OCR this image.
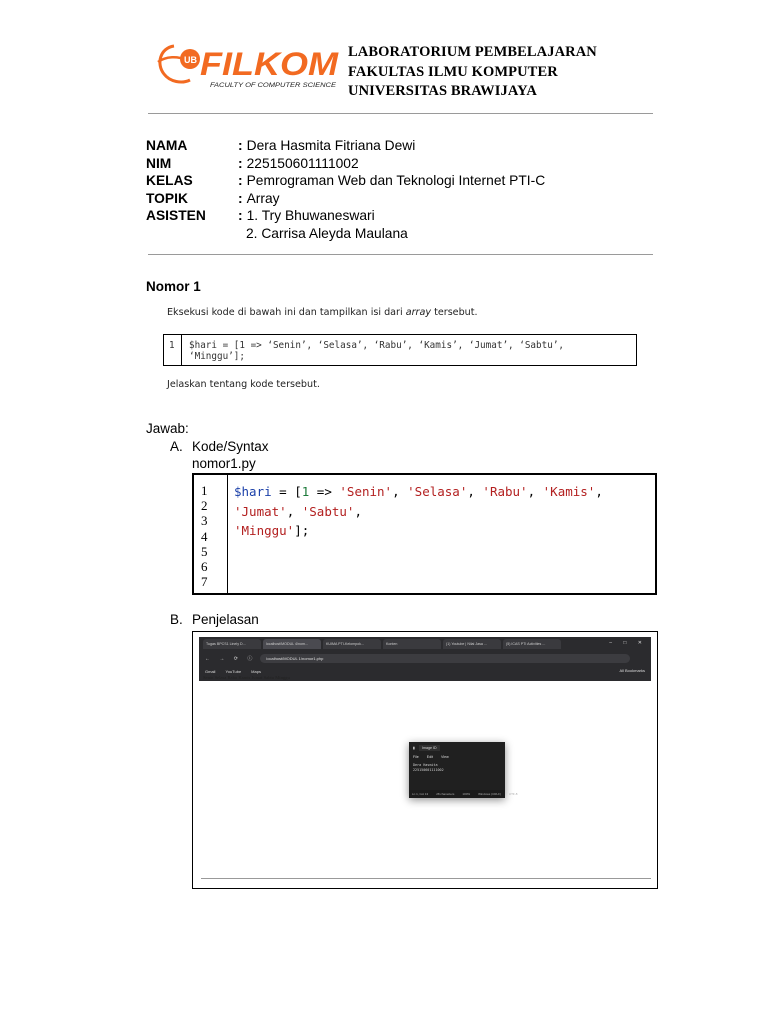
UB FILKOM
FACULTY OF COMPUTER SCIENCE
LABORATORIUM PEMBELAJARAN
FAKULTAS ILMU KOMPUTER
UNIVERSITAS BRAWIJAYA
NAMA	: Dera Hasmita Fitriana Dewi
NIM	: 225150601111002
KELAS	: Pemrograman Web dan Teknologi Internet PTI-C
TOPIK	: Array
ASISTEN	: 1. Try Bhuwaneswari
2. Carrisa Aleyda Maulana
Nomor 1
Eksekusi kode di bawah ini dan tampilkan isi dari array tersebut.
1	$hari = [1 => ‘Senin’, ‘Selasa’, ‘Rabu’, ‘Kamis’, ‘Jumat’, ‘Sabtu’,
‘Minggu’];
Jelaskan tentang kode tersebut.
Jawab:
A. Kode/Syntax
nomor1.py
1
2
3
4
5
6
7
$hari = [1 => 'Senin', 'Selasa', 'Rabu', 'Kamis',
'Jumat', 'Sabtu',
'Minggu'];
B. Penjelasan
Tugas BPCS1 Linely D...	localhost/MODUL 4/nom...	KUIMA PTI-Kelompok...	Konten	(1) Youtube | Nilai Jasa ...	(5) ICAS PTI Activities ...	– □ ✕
← → ⟳ ⓘ	localhost/MODUL 1/nomor1.php
Gmail	YouTube	Maps	All Bookmarks
Senin Selasa Rabu Kamis Jumat Sabtu Minggu
▮	Image ID
File Edit View
Dera Hasmita
225150601111002
Ln 1, Col 13	28 characters	100%	Windows (CRLF)	UTF-8
